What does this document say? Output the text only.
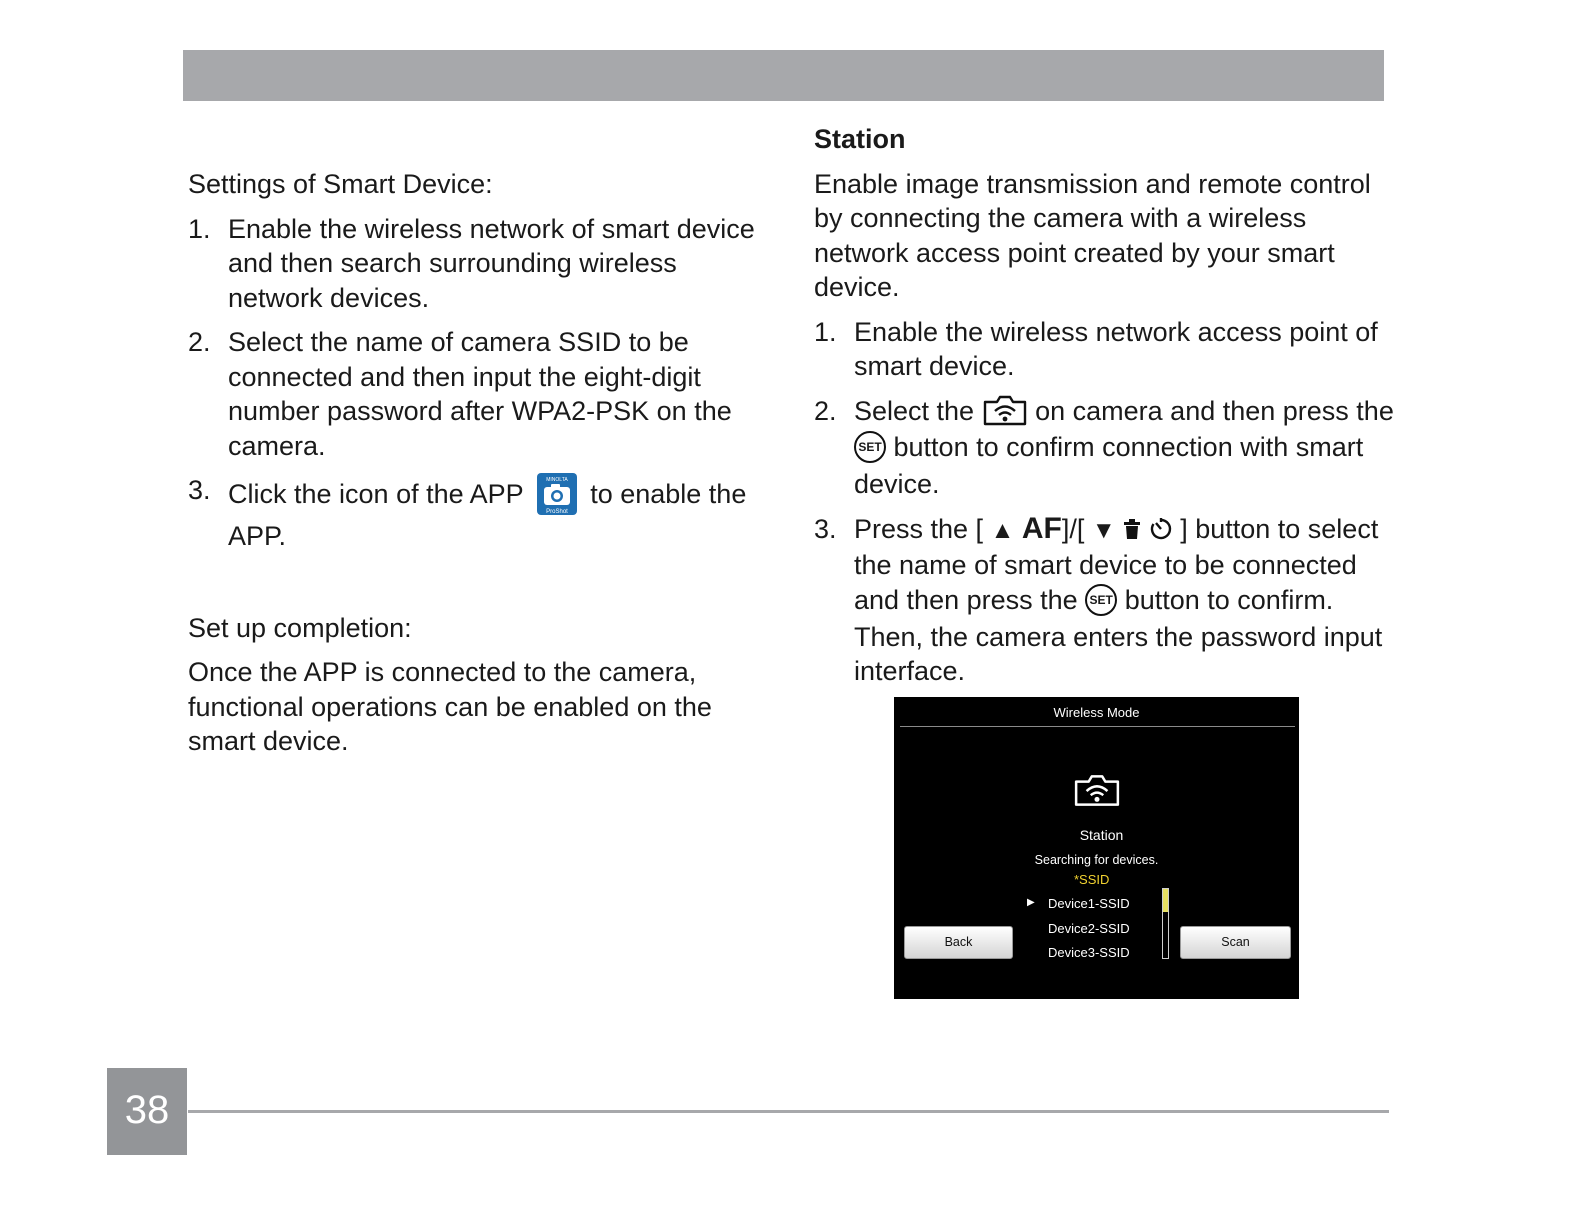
Settings of Smart Device:

1. Enable the wireless network of smart device and then search surrounding wireless network devices.
2. Select the name of camera SSID to be connected and then input the eight-digit number password after WPA2-PSK on the camera.
3. Click the icon of the APP	MINOLTA
ProShot
to enable the APP.

Set up completion:

Once the APP is connected to the camera, functional operations can be enabled on the smart device.

Station

Enable image transmission and remote control by connecting the camera with a wireless network access point created by your smart device.

1. Enable the wireless network access point of smart device.
2. Select the on camera and then press the SET button to confirm connection with smart device.
3. Press the [ ▲ AF]/[ ▼ ] button to select the name of smart device to be connected and then press the SET button to confirm. Then, the camera enters the password input interface.
Wireless Mode
Station
Searching for devices.
*SSID
▶ Device1-SSID
Device2-SSID
Device3-SSID
Back	Scan
38
